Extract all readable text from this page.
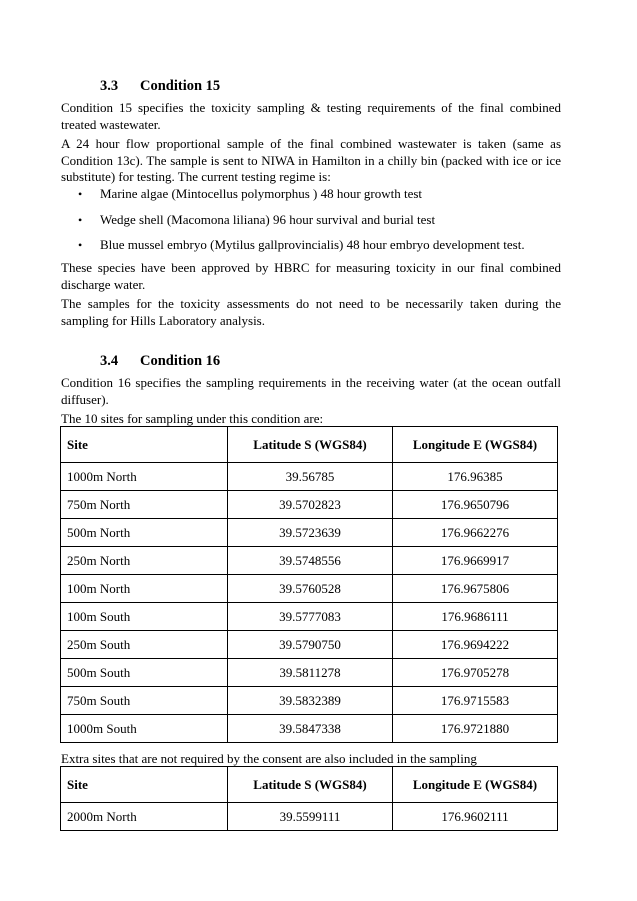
3.3 Condition 15

Condition 15 specifies the toxicity sampling & testing requirements of the final combined treated wastewater.

A 24 hour flow proportional sample of the final combined wastewater is taken (same as Condition 13c). The sample is sent to NIWA in Hamilton in a chilly bin (packed with ice or ice substitute) for testing. The current testing regime is:

•	Marine algae (Mintocellus polymorphus ) 48 hour growth test
•	Wedge shell (Macomona liliana) 96 hour survival and burial test
•	Blue mussel embryo (Mytilus gallprovincialis) 48 hour embryo development test.

These species have been approved by HBRC for measuring toxicity in our final combined discharge water.

The samples for the toxicity assessments do not need to be necessarily taken during the sampling for Hills Laboratory analysis.

3.4 Condition 16

Condition 16 specifies the sampling requirements in the receiving water (at the ocean outfall diffuser).

The 10 sites for sampling under this condition are:

Site	Latitude S (WGS84)	Longitude E (WGS84)
1000m North	39.56785	176.96385
750m North	39.5702823	176.9650796
500m North	39.5723639	176.9662276
250m North	39.5748556	176.9669917
100m North	39.5760528	176.9675806
100m South	39.5777083	176.9686111
250m South	39.5790750	176.9694222
500m South	39.5811278	176.9705278
750m South	39.5832389	176.9715583
1000m South	39.5847338	176.9721880

Extra sites that are not required by the consent are also included in the sampling

Site	Latitude S (WGS84)	Longitude E (WGS84)
2000m North	39.5599111	176.9602111
